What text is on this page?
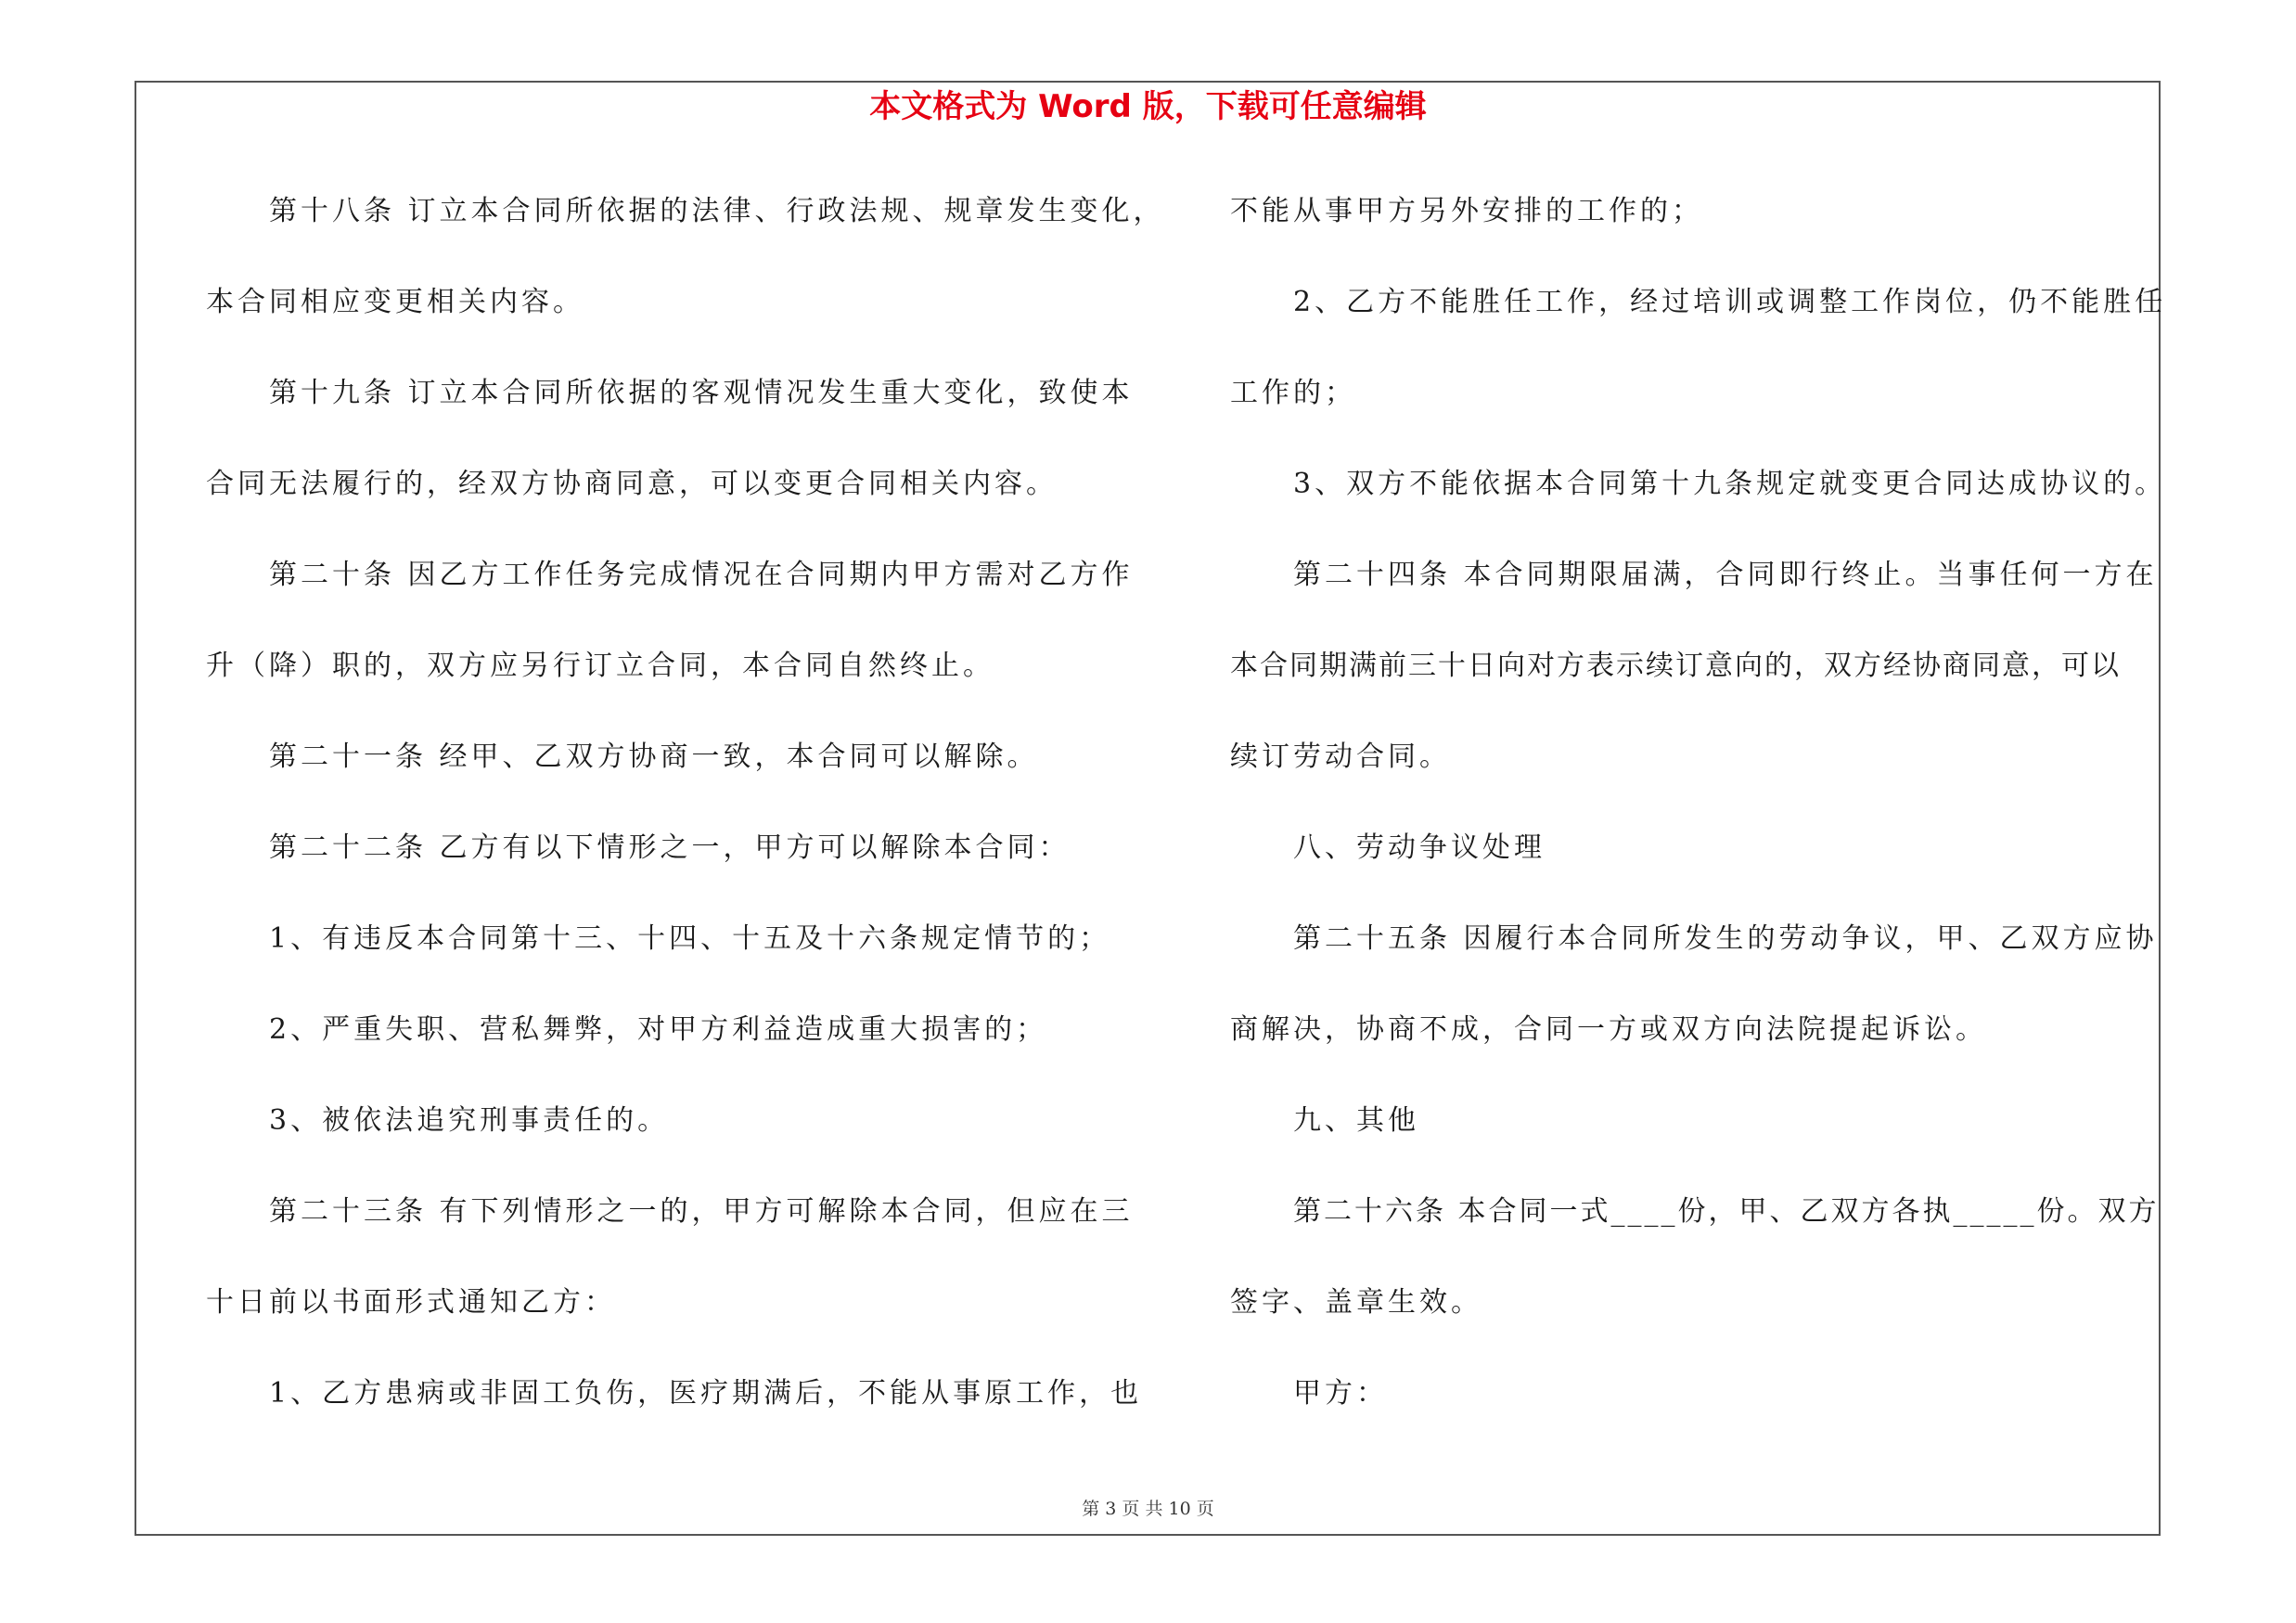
本文格式为 Word 版，下载可任意编辑
第十八条 订立本合同所依据的法律、行政法规、规章发生变化，
本合同相应变更相关内容。
第十九条 订立本合同所依据的客观情况发生重大变化，致使本
合同无法履行的，经双方协商同意，可以变更合同相关内容。
第二十条 因乙方工作任务完成情况在合同期内甲方需对乙方作
升（降）职的，双方应另行订立合同，本合同自然终止。
第二十一条 经甲、乙双方协商一致，本合同可以解除。
第二十二条 乙方有以下情形之一，甲方可以解除本合同：
1、有违反本合同第十三、十四、十五及十六条规定情节的；
2、严重失职、营私舞弊，对甲方利益造成重大损害的；
3、被依法追究刑事责任的。
第二十三条 有下列情形之一的，甲方可解除本合同，但应在三
十日前以书面形式通知乙方：
1、乙方患病或非固工负伤，医疗期满后，不能从事原工作，也
不能从事甲方另外安排的工作的；
2、乙方不能胜任工作，经过培训或调整工作岗位，仍不能胜任
工作的；
3、双方不能依据本合同第十九条规定就变更合同达成协议的。
第二十四条 本合同期限届满，合同即行终止。当事任何一方在
本合同期满前三十日向对方表示续订意向的，双方经协商同意，可以
续订劳动合同。
八、劳动争议处理
第二十五条 因履行本合同所发生的劳动争议，甲、乙双方应协
商解决，协商不成，合同一方或双方向法院提起诉讼。
九、其他
第二十六条 本合同一式____份，甲、乙双方各执_____份。双方
签字、盖章生效。
甲方：
第 3 页 共 10 页
